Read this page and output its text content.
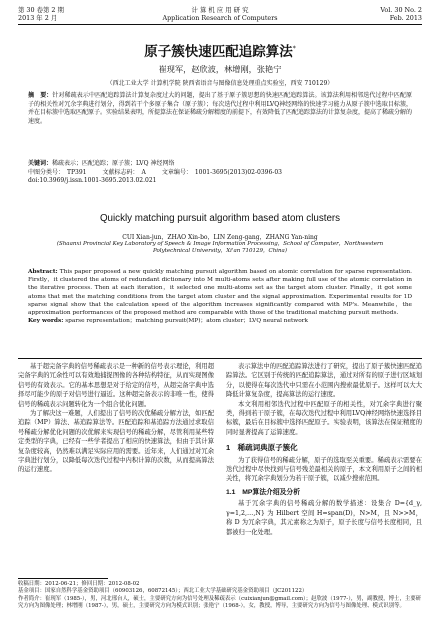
第 30 卷第 2 期
2013 年 2 月
计 算 机 应 用 研 究
Application Research of Computers
Vol. 30 No. 2
Feb. 2013
原子簇快速匹配追踪算法*
崔现军，赵欣波，林增刚，张艳宁
（西北工业大学 计算机学院 陕西省语音与图像信息处理重点实验室，西安 710129）
摘　要：针对稀疏表示中匹配追踪算法计算复杂度过大的问题，提出了基于原子簇思想的快速匹配追踪算法。该算法利用相邻迭代过程中匹配原子的相关性对冗余字典进行划分，得到若干个多原子集合（原子簇）；每次迭代过程中利用LVQ神经网络的快速学习能力从原子簇中选取目标簇，并在目标簇中选取匹配原子。实验结果表明，所提算法在保证稀疏分解精度的前提下，有效降低了匹配追踪算法的计算复杂度，提高了稀疏分解的速度。
关键词：稀疏表示；匹配追踪；原子簇；LVQ 神经网络
中图分类号：　TP391	文献标志码：　A	文章编号：　1001-3695(2013)02-0396-03
doi:10.3969/j.issn.1001-3695.2013.02.021
Quickly matching pursuit algorithm based atom clusters
CUI Xian-jun，ZHAO Xin-bo，LIN Zeng-gang，ZHANG Yan-ning
(Shaanxi Provincial Key Laboratory of Speech & Image Information Processing，School of Computer，Northwestern Polytechnical University，Xi'an 710129，China)
Abstract: This paper proposed a new quickly matching pursuit algorithm based on atomic correlation for sparse representation. Firstly，it clustered the atoms of redundant dictionary into M multi-atoms sets after making full use of the atomic correlation in the iterative process. Then at each iteration，it selected one multi-atoms set as the target atom cluster. Finally，it got some atoms that met the matching conditions from the target atom cluster and the signal approximation. Experimental results for 1D sparse signal show that the calculation speed of the algorithm increases significantly compared with MP's. Meanwhile，the approximation performances of the proposed method are comparable with those of the traditional matching pursuit methods.
Key words: sparse representation；matching pursuit(MP)；atom cluster；LVQ neural network

基于超完备字典的信号稀疏表示是一种新的信号表示理论，利用超完备字典的冗余性可以有效地捕捉图像的各种结构特征，从而实现图像信号的有效表示。它的基本思想是对于给定的信号，从超完备字典中选择尽可能少的原子对信号进行逼近。这种超完备表示的非唯一性，使得信号的稀疏表示问题转化为一个组合优化问题。

为了解决这一难题，人们提出了信号的次优稀疏分解方法，如匹配追踪（MP）算法、基追踪算法等。匹配追踪和基追踪方法通过求取信号稀疏分解优化问题的次优解来实现信号的稀疏分解，尽管利用某些特定类型的字典，已经有一些学者提出了相应的快速算法，但由于其计算复杂度较高，仍然难以满足实际应用的需要。近年来，人们通过对冗余字典进行划分，以降低每次迭代过程中内积计算的次数，从而提高算法的运行速度。

表示算法中的匹配追踪算法进行了研究，提出了原子簇快速匹配追踪算法。它区别于传统的匹配追踪算法，通过对所有的原子进行区域划分，以使得在每次迭代中只需在小范围内搜索最优原子。这样可以大大降低计算复杂度，提高算法的运行速度。

本文利用相邻迭代过程中匹配原子的相关性，对冗余字典进行聚类，得到若干原子簇，在每次迭代过程中利用LVQ神经网络快速选择目标簇，最后在目标簇中选择匹配原子。实验表明，该算法在保证精度的同时显著提高了运算速度。

1　稀疏词典原子簇化

为了获得信号的稀疏分解，原子的选取至关重要。稀疏表示需要在迭代过程中尽快找到与信号残差最相关的原子，本文利用原子之间的相关性，将冗余字典划分为若干原子簇，以减少搜索范围。

1.1　MP算法介绍及分析

基于冗余字典的信号稀疏分解的数学描述：设集合 D={d_γ, γ=1,2,…,N} 为 Hilbert 空间 H=span(D)，N>M，且 N>>M，称 D 为冗余字典，其元素称之为原子，原子长度与信号长度相同，且都被归一化处理。

收稿日期：2012-06-21；修回日期：2012-08-02
基金项目：国家自然科学基金资助项目（60903126，60872145）；西北工业大学基础研究基金资助项目（JC201122）
作者简介：崔现军（1985-），男，河北邢台人，硕士，主要研究方向为信号处理及稀疏表示（cuixianjun@gmail.com）；赵欣波（1977-），男，副教授，博士，主要研究方向为图像处理；林增刚（1987-），男，硕士，主要研究方向为模式识别；张艳宁（1968-），女，教授，博导，主要研究方向为信号与图像处理、模式识别等。
